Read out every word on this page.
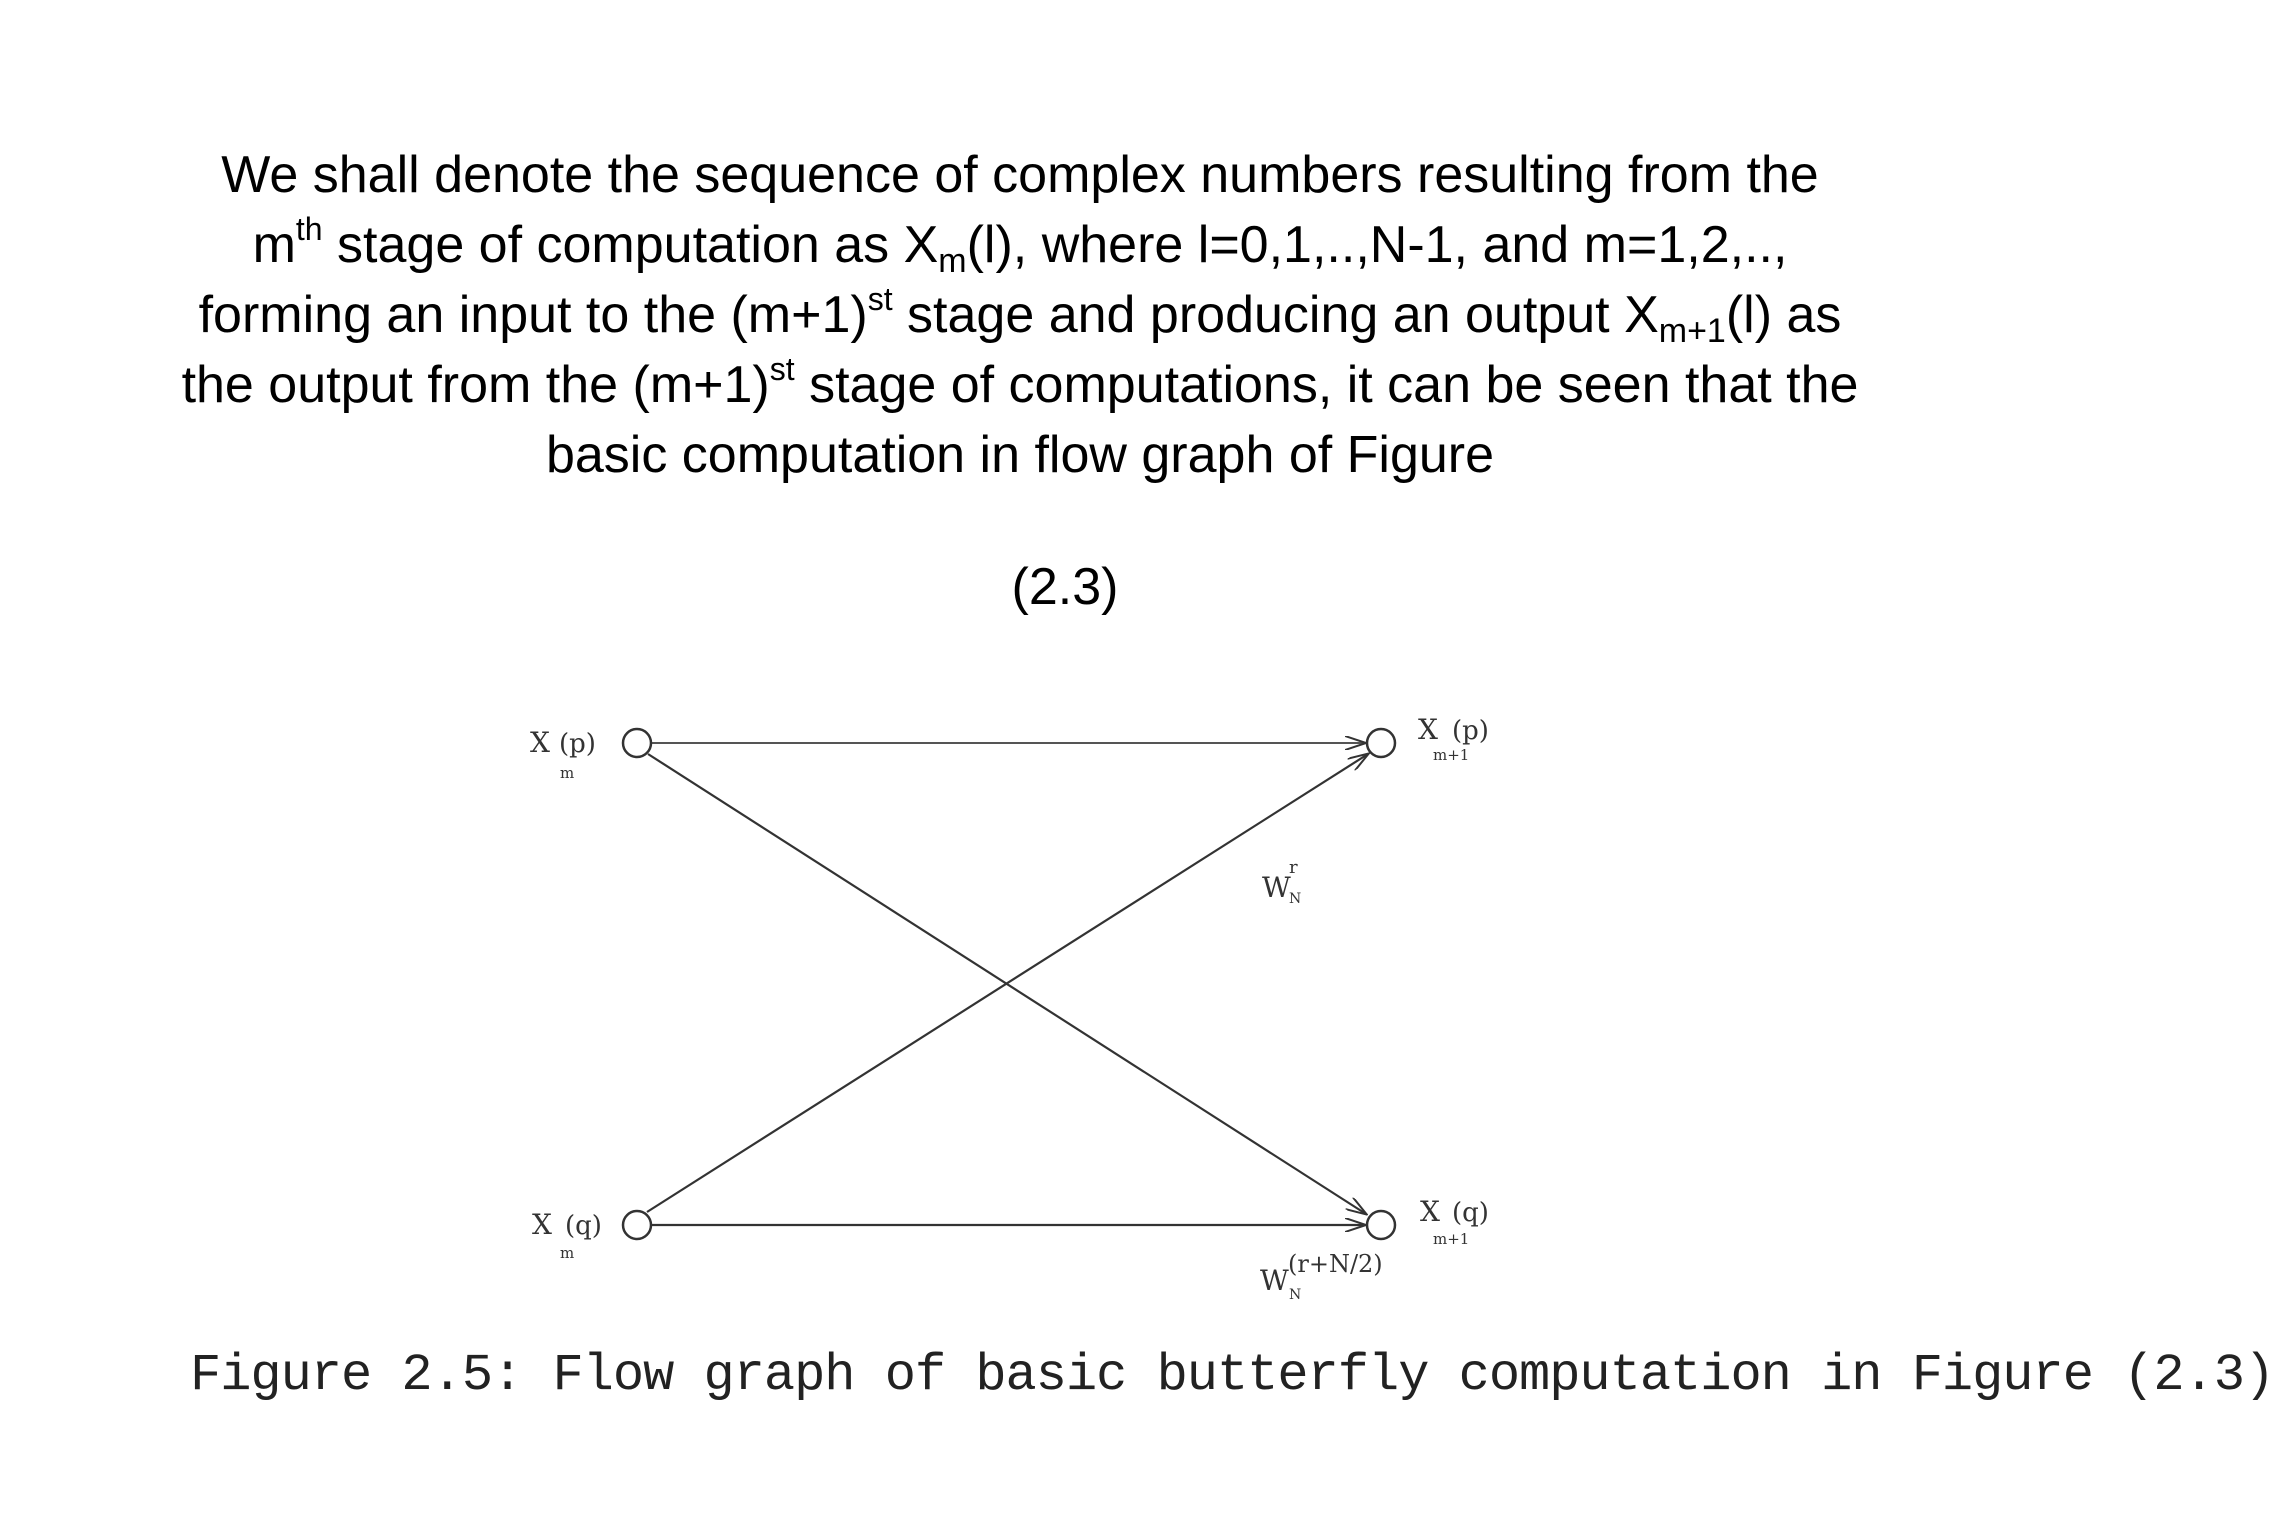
We shall denote the sequence of complex numbers resulting from the $m^{th}$ stage of computation as $X_m(l)$, where l=0,1,..,N-1, and m=1,2,.., forming an input to the $(m+1)^{st}$ stage and producing an output $X_{m+1}(l)$ as the output from the $(m+1)^{st}$ stage of computations, it can be seen that the basic computation in flow graph of Figure
(2.3)
X (p)
m
X (q)
m
X (p)
m+1
X (q)
m+1
W
r
N
W (r+N/2)
N
Figure 2.5: Flow graph of basic butterfly computation in Figure (2.3)
